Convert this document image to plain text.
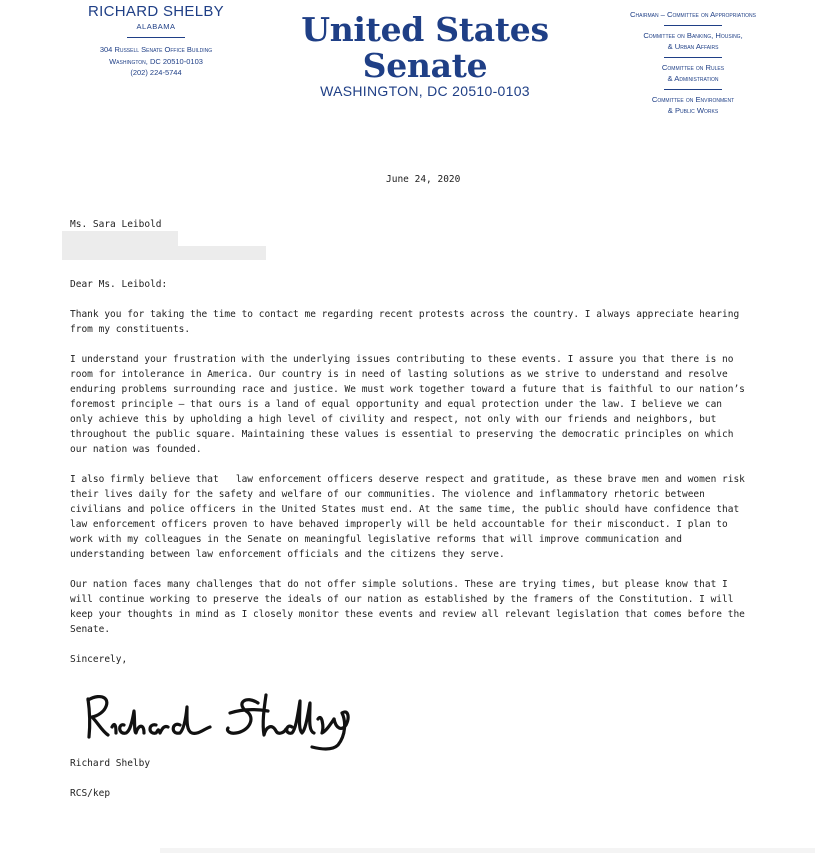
RICHARD SHELBY
ALABAMA
304 Russell Senate Office Building
Washington, DC 20510-0103
(202) 224-5744
United States Senate
WASHINGTON, DC 20510-0103
Chairman – Committee on Appropriations
Committee on Banking, Housing,
& Urban Affairs
Committee on Rules
& Administration
Committee on Environment
& Public Works
June 24, 2020
Ms. Sara Leibold
Dear Ms. Leibold:
Thank you for taking the time to contact me regarding recent protests across the country. I always appreciate hearing
from my constituents.
I understand your frustration with the underlying issues contributing to these events. I assure you that there is no
room for intolerance in America. Our country is in need of lasting solutions as we strive to understand and resolve
enduring problems surrounding race and justice. We must work together toward a future that is faithful to our nation’s
foremost principle – that ours is a land of equal opportunity and equal protection under the law. I believe we can
only achieve this by upholding a high level of civility and respect, not only with our friends and neighbors, but
throughout the public square. Maintaining these values is essential to preserving the democratic principles on which
our nation was founded.
I also firmly believe that   law enforcement officers deserve respect and gratitude, as these brave men and women risk
their lives daily for the safety and welfare of our communities. The violence and inflammatory rhetoric between
civilians and police officers in the United States must end. At the same time, the public should have confidence that
law enforcement officers proven to have behaved improperly will be held accountable for their misconduct. I plan to
work with my colleagues in the Senate on meaningful legislative reforms that will improve communication and
understanding between law enforcement officials and the citizens they serve.
Our nation faces many challenges that do not offer simple solutions. These are trying times, but please know that I
will continue working to preserve the ideals of our nation as established by the framers of the Constitution. I will
keep your thoughts in mind as I closely monitor these events and review all relevant legislation that comes before the
Senate.
Sincerely,
Richard Shelby
RCS/kep
